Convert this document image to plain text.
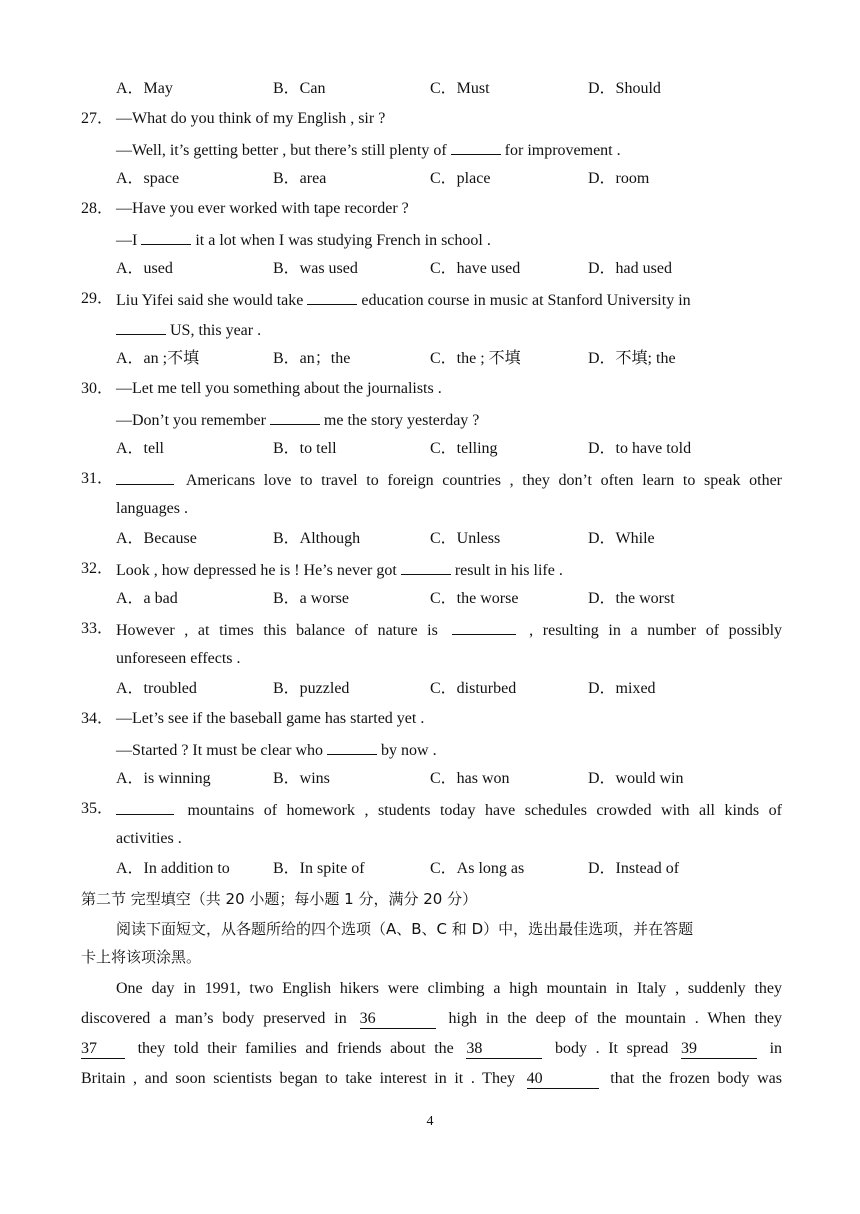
A．May	B．Can	C．Must	D．Should
27． —What do you think of my English , sir ?
—Well, it’s getting better , but there’s still plenty of	for improvement .
A．space	B．area	C．place	D．room
28． —Have you ever worked with tape recorder ?
—I	it a lot when I was studying French in school .
A．used	B．was used	C．have used	D．had used
29． Liu Yifei said she would take	education course in music at Stanford University in
US, this year .
A．an ;不填	B．an；the	C．the ; 不填	D．不填; the
30． —Let me tell you something about the journalists .
—Don’t you remember	me the story yesterday ?
A．tell	B．to tell	C．telling	D．to have told
31．	Americans love to travel to foreign countries , they don’t often learn to speak other
languages .
A．Because	B．Although	C．Unless	D．While
32． Look , how depressed he is ! He’s never got	result in his life .
A．a bad	B．a worse	C．the worse	D．the worst
33． However , at times this balance of nature is	, resulting in a number of possibly
unforeseen effects .
A．troubled	B．puzzled	C．disturbed	D．mixed
34． —Let’s see if the baseball game has started yet .
—Started ? It must be clear who	by now .
A．is winning	B．wins	C．has won	D．would win
35．	mountains of homework , students today have schedules crowded with all kinds of
activities .
A．In addition to	B．In spite of	C．As long as	D．Instead of
第二节 完型填空（共 20 小题；每小题 1 分，满分 20 分）
阅读下面短文，从各题所给的四个选项（A、B、C 和 D）中，选出最佳选项，并在答题
卡上将该项涂黑。
One day in 1991, two English hikers were climbing a high mountain in Italy , suddenly they
discovered a man’s body preserved in 36	high in the deep of the mountain . When they
37	they told their families and friends about the 38	body . It spread 39	in
Britain , and soon scientists began to take interest in it . They 40	that the frozen body was
4
